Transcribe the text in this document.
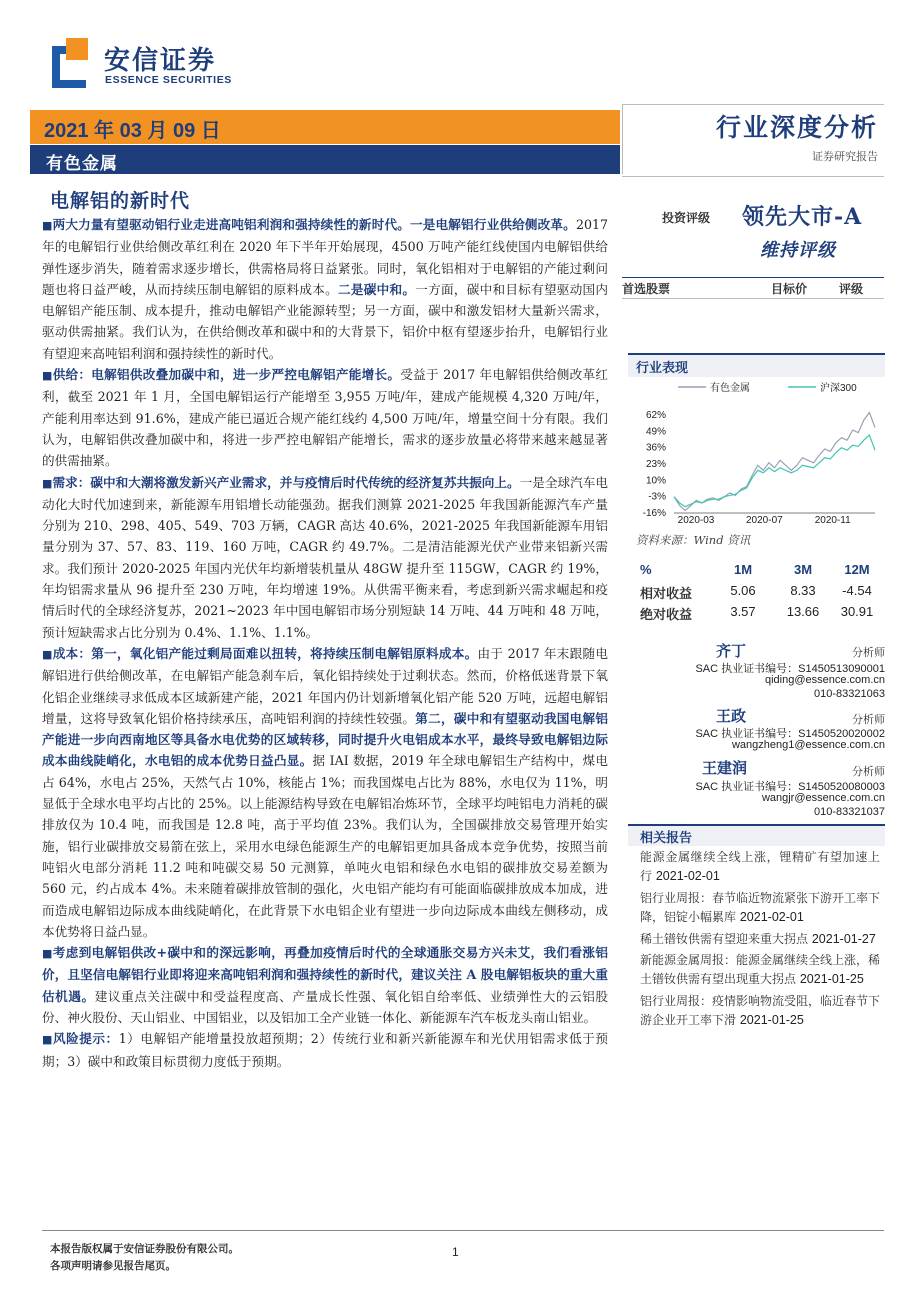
安信证券
ESSENCE SECURITIES
2021 年 03 月 09 日
有色金属
行业深度分析
证券研究报告
电解铝的新时代

■两大力量有望驱动铝行业走进高吨铝利润和强持续性的新时代。一是电解铝行业供给侧改革。2017 年的电解铝行业供给侧改革红利在 2020 年下半年开始展现，4500 万吨产能红线使国内电解铝供给弹性逐步消失，随着需求逐步增长，供需格局将日益紧张。同时，氧化铝相对于电解铝的产能过剩问题也将日益严峻，从而持续压制电解铝的原料成本。二是碳中和。一方面，碳中和目标有望驱动国内电解铝产能压制、成本提升，推动电解铝产业能源转型；另一方面，碳中和激发铝材大量新兴需求，驱动供需抽紧。我们认为，在供给侧改革和碳中和的大背景下，铝价中枢有望逐步抬升，电解铝行业有望迎来高吨铝利润和强持续性的新时代。

■供给：电解铝供改叠加碳中和，进一步严控电解铝产能增长。受益于 2017 年电解铝供给侧改革红利，截至 2021 年 1 月，全国电解铝运行产能增至 3,955 万吨/年，建成产能规模 4,320 万吨/年，产能利用率达到 91.6%，建成产能已逼近合规产能红线约 4,500 万吨/年，增量空间十分有限。我们认为，电解铝供改叠加碳中和，将进一步严控电解铝产能增长，需求的逐步放量必将带来越来越显著的供需抽紧。

■需求：碳中和大潮将激发新兴产业需求，并与疫情后时代传统的经济复苏共振向上。一是全球汽车电动化大时代加速到来，新能源车用铝增长动能强劲。据我们测算 2021-2025 年我国新能源汽车产量分别为 210、298、405、549、703 万辆，CAGR 高达 40.6%，2021-2025 年我国新能源车用铝量分别为 37、57、83、119、160 万吨，CAGR 约 49.7%。二是清洁能源光伏产业带来铝新兴需求。我们预计 2020-2025 年国内光伏年均新增装机量从 48GW 提升至 115GW，CAGR 约 19%，年均铝需求量从 96 提升至 230 万吨，年均增速 19%。从供需平衡来看，考虑到新兴需求崛起和疫情后时代的全球经济复苏，2021~2023 年中国电解铝市场分别短缺 14 万吨、44 万吨和 48 万吨，预计短缺需求占比分别为 0.4%、1.1%、1.1%。

■成本：第一，氧化铝产能过剩局面难以扭转，将持续压制电解铝原料成本。由于 2017 年末跟随电解铝进行供给侧改革，在电解铝产能急刹车后，氧化铝持续处于过剩状态。然而，价格低迷背景下氧化铝企业继续寻求低成本区域新建产能，2021 年国内仍计划新增氧化铝产能 520 万吨，远超电解铝增量，这将导致氧化铝价格持续承压，高吨铝利润的持续性较强。第二，碳中和有望驱动我国电解铝产能进一步向西南地区等具备水电优势的区域转移，同时提升火电铝成本水平，最终导致电解铝边际成本曲线陡峭化，水电铝的成本优势日益凸显。据 IAI 数据，2019 年全球电解铝生产结构中，煤电占 64%，水电占 25%，天然气占 10%，核能占 1%；而我国煤电占比为 88%，水电仅为 11%，明显低于全球水电平均占比的 25%。以上能源结构导致在电解铝冶炼环节，全球平均吨铝电力消耗的碳排放仅为 10.4 吨，而我国是 12.8 吨，高于平均值 23%。我们认为，全国碳排放交易管理开始实施，铝行业碳排放交易箭在弦上，采用水电绿色能源生产的电解铝更加具备成本竞争优势，按照当前吨铝火电部分消耗 11.2 吨和吨碳交易 50 元测算，单吨火电铝和绿色水电铝的碳排放交易差额为 560 元，约占成本 4%。未来随着碳排放管制的强化，火电铝产能均有可能面临碳排放成本加成，进而造成电解铝边际成本曲线陡峭化，在此背景下水电铝企业有望进一步向边际成本曲线左侧移动，成本优势将日益凸显。

■考虑到电解铝供改+碳中和的深远影响，再叠加疫情后时代的全球通胀交易方兴未艾，我们看涨铝价，且坚信电解铝行业即将迎来高吨铝利润和强持续性的新时代，建议关注 A 股电解铝板块的重大重估机遇。建议重点关注碳中和受益程度高、产量成长性强、氧化铝自给率低、业绩弹性大的云铝股份、神火股份、天山铝业、中国铝业，以及铝加工全产业链一体化、新能源车汽车板龙头南山铝业。

■风险提示：1）电解铝产能增量投放超预期；2）传统行业和新兴新能源车和光伏用铝需求低于预期；3）碳中和政策目标贯彻力度低于预期。

投资评级 领先大市-A
维持评级
首选股票	目标价	评级
行业表现
有色金属	沪深300
62%
49%
36%
23%
10%
-3%
-16%
2020-03	2020-07	2020-11
资料来源：Wind 资讯
%	1M	3M	12M
相对收益	5.06	8.33	-4.54
绝对收益	3.57	13.66	30.91
齐丁	分析师
SAC 执业证书编号：S1450513090001
qiding@essence.com.cn
010-83321063
王政	分析师
SAC 执业证书编号：S1450520020002
wangzheng1@essence.com.cn
王建润	分析师
SAC 执业证书编号：S1450520080003
wangjr@essence.com.cn
010-83321037
相关报告
能源金属继续全线上涨，锂精矿有望加速上行 2021-02-01
铝行业周报：春节临近物流紧张下游开工率下降，铝锭小幅累库 2021-02-01
稀土镨钕供需有望迎来重大拐点 2021-01-27
新能源金属周报：能源金属继续全线上涨，稀土镨钕供需有望出现重大拐点 2021-01-25
铝行业周报：疫情影响物流受阻，临近春节下游企业开工率下滑 2021-01-25
本报告版权属于安信证券股份有限公司。
各项声明请参见报告尾页。
1
